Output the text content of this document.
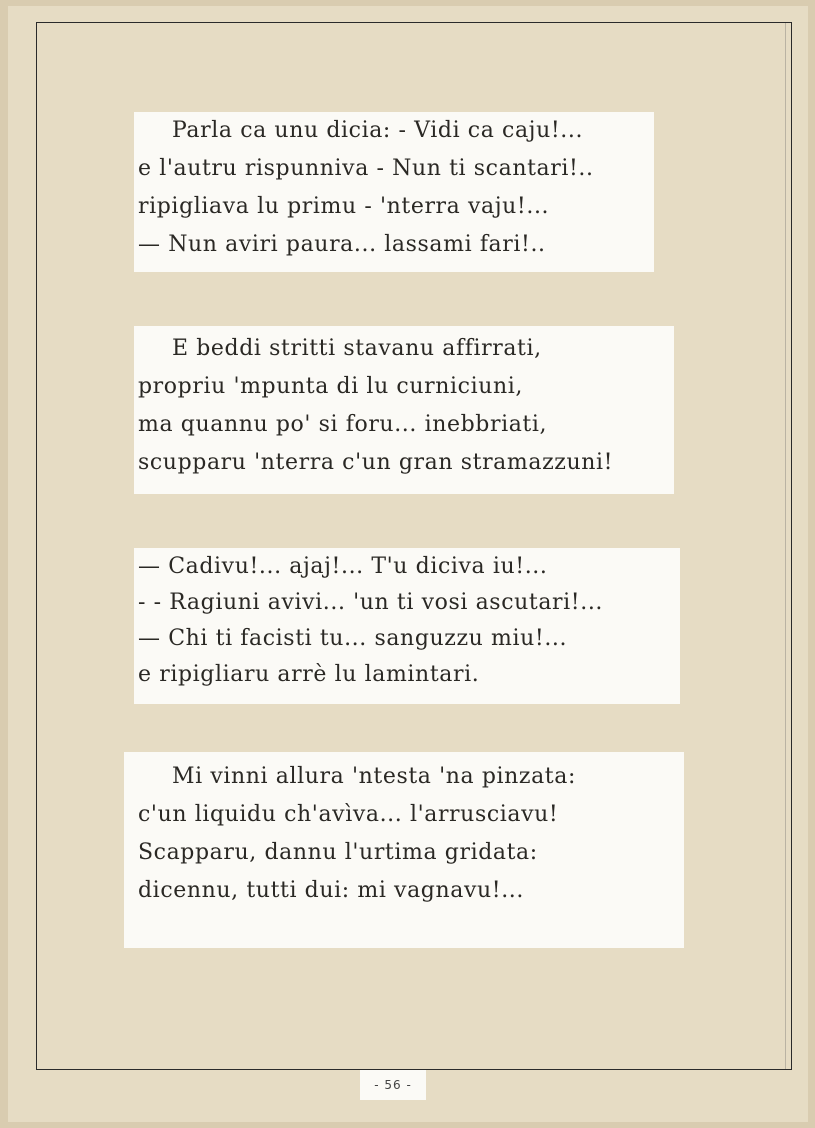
Parla ca unu dicia: - Vidi ca caju!...
e l'autru rispunniva - Nun ti scantari!..
ripigliava lu primu - 'nterra vaju!...
— Nun aviri paura... lassami fari!..
E beddi stritti stavanu affirrati,
propriu 'mpunta di lu curniciuni,
ma quannu po' si foru... inebbriati,
scupparu 'nterra c'un gran stramazzuni!
— Cadivu!... ajaj!... T'u diciva iu!...
- - Ragiuni avivi... 'un ti vosi ascutari!...
— Chi ti facisti tu... sanguzzu miu!...
e ripigliaru arrè lu lamintari.
Mi vinni allura 'ntesta 'na pinzata:
c'un liquidu ch'avìva... l'arrusciavu!
Scapparu, dannu l'urtima gridata:
dicennu, tutti dui: mi vagnavu!...
- 56 -
